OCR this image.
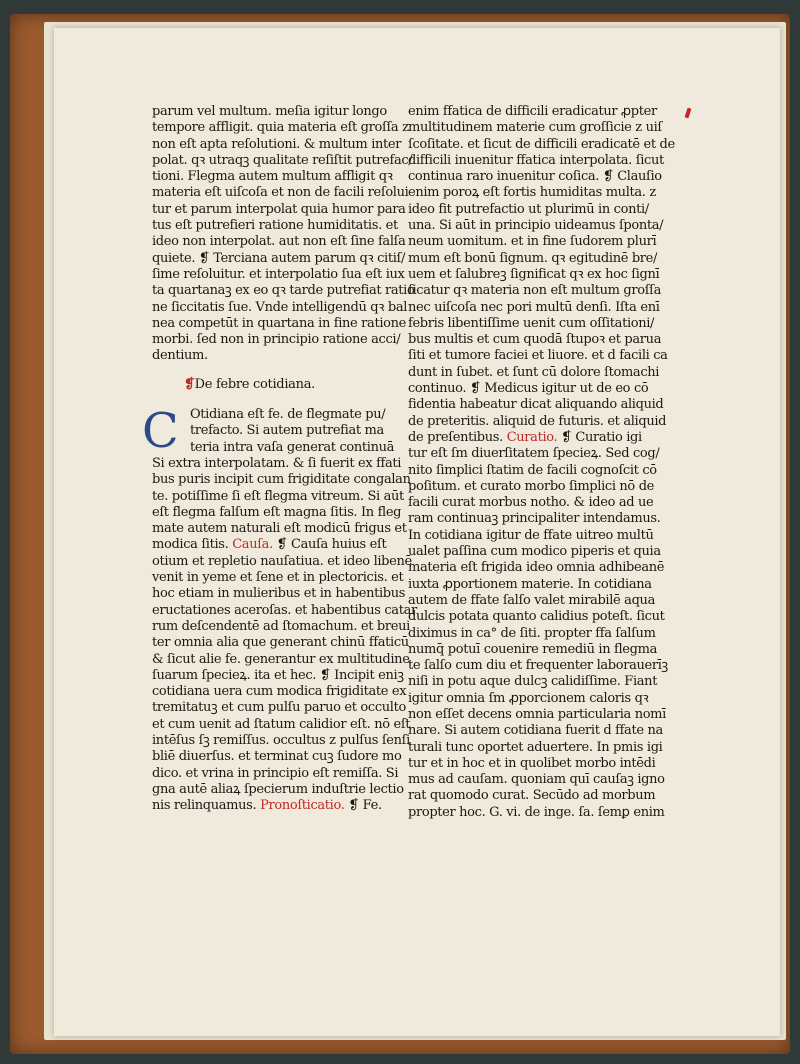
parum vel multum. meſia igitur longo
tempore affligit. quia materia eſt groſſa z
non eſt apta reſolutioni. & multum inter
polat. qꝛ utraqꝫ qualitate reſiſtit putrefac/
tioni. Flegma autem multum affligit qꝛ
materia eſt uiſcoſa et non de facili reſolui
tur et parum interpolat quia humor para
tus eſt putrefieri ratione humiditatis. et
ideo non interpolat. aut non eſt ſine falſa
quiete. ❡ Terciana autem parum qꝛ citiſ/
ſime reſoluitur. et interpolatio ſua eſt iux
ta quartanaꝫ ex eo qꝛ tarde putrefiat ratio
ne ſiccitatis ſue. Vnde intelligendū qꝛ bal
nea competūt in quartana in fine ratione
morbi. ſed non in principio ratione acci/
dentium.
❡De febre cotidiana.
C Otidiana eſt fe. de flegmate pu/
trefacto. Si autem putrefiat ma
teria intra vaſa generat continuā
Si extra interpolatam. & ſi fuerit ex ffati
bus puris incipit cum frigiditate congalan
te. potiſſime ſi eſt flegma vitreum. Si aūt
eſt flegma falſum eſt magna ſitis. In fleg
mate autem naturali eſt modicū frigus et
modica ſitis. Cauſa. ❡ Cauſa huius eſt
otium et repletio nauſatiua. et ideo libenē
venit in yeme et ſene et in plectoricis. et
hoc etiam in mulieribus et in habentibus
eructationes aceroſas. et habentibus catar
rum deſcendentē ad ſtomachum. et breui
ter omnia alia que generant chinū ffaticū
& ſicut alie fe. generantur ex multitudine
ſuarum ſpecieꝝ. ita et hec. ❡ Incipit eniꝫ
cotidiana uera cum modica frigiditate ex
tremitatuꝫ et cum pulſu paruo et occulto
et cum uenit ad ſtatum calidior eſt. nō eſt
intēſus ſꝫ remiſſus. occultus z pulſus ſenſi
bliē diuerſus. et terminat cuꝫ ſudore mo
dico. et vrina in principio eſt remiſſa. Si
gna autē aliaꝝ ſpecierum induſtrie lectio
nis relinquamus. Pronoſticatio. ❡ Fe.
enim ffatica de difficili eradicatur ꝓpter
multitudinem materie cum groſſicie z uiſ
ſcoſitate. et ſicut de difficili eradicatē et de
difficili inuenitur ffatica interpolata. ſicut
continua raro inuenitur coſica. ❡ Clauſio
enim poroꝝ eſt fortis humiditas multa. z
ideo fit putrefactio ut plurimū in conti/
una. Si aūt in principio uideamus ſponta/
neum uomitum. et in fine ſudorem plurī
mum eſt bonū ſignum. qꝛ egitudinē bre/
uem et ſalubreꝫ ſignificat qꝛ ex hoc ſignī
ficatur qꝛ materia non eſt multum groſſa
nec uiſcoſa nec pori multū denſi. Iſta enī
febris libentiſſime uenit cum oſſitationi/
bus multis et cum quodā ſtupoꝛ et parua
ſiti et tumore faciei et liuore. et d facili ca
dunt in ſubet. et ſunt cū dolore ſtomachi
continuo. ❡ Medicus igitur ut de eo cō
fidentia habeatur dicat aliquando aliquid
de preteritis. aliquid de futuris. et aliquid
de preſentibus. Curatio. ❡ Curatio igi
tur eſt ſm diuerſitatem ſpecieꝝ. Sed cog/
nito ſimplici ſtatim de facili cognoſcit cō
poſitum. et curato morbo ſimplici nō de
facili curat morbus notho. & ideo ad ue
ram continuaꝫ principaliter intendamus.
In cotidiana igitur de ffate uitreo multū
ualet paſſina cum modico piperis et quia
materia eſt frigida ideo omnia adhibeanē
iuxta ꝓportionem materie. In cotidiana
autem de ffate ſalſo valet mirabilē aqua
dulcis potata quanto calidius poteſt. ſicut
diximus in ca° de ſiti. propter ffa ſalſum
numq̄ potuī couenire remediū in flegma
te ſalſo cum diu et frequenter laborauerīꝫ
niſi in potu aque dulcꝫ calidiſſime. Fiant
igitur omnia ſm ꝓporcionem caloris qꝛ
non eſſet decens omnia particularia nomī
nare. Si autem cotidiana fuerit d ffate na
turali tunc oportet aduertere. In pmis igi
tur et in hoc et in quolibet morbo intēdi
mus ad cauſam. quoniam quī cauſaꝫ igno
rat quomodo curat. Secūdo ad morbum
propter hoc. G. vi. de inge. ſa. ſemꝑ enim
